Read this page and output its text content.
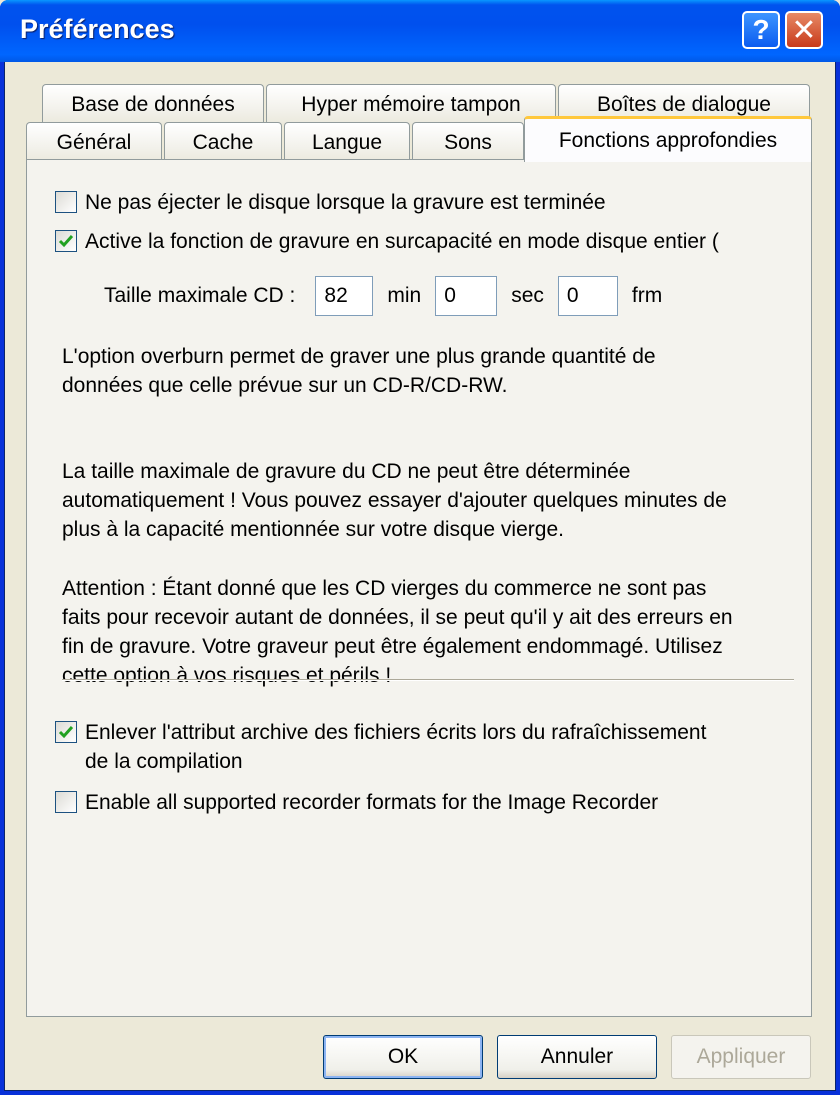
Préférences	? ✕
Base de données	Hyper mémoire tampon	Boîtes de dialogue
Général	Cache	Langue	Sons	Fonctions approfondies
Ne pas éjecter le disque lorsque la gravure est terminée
Active la fonction de gravure en surcapacité en mode disque entier (
Taille maximale CD :
82	min
0	sec
0	frm
L'option overburn permet de graver une plus grande quantité de
données que celle prévue sur un CD-R/CD-RW.
La taille maximale de gravure du CD ne peut être déterminée
automatiquement ! Vous pouvez essayer d'ajouter quelques minutes de
plus à la capacité mentionnée sur votre disque vierge.
Attention : Étant donné que les CD vierges du commerce ne sont pas
faits pour recevoir autant de données, il se peut qu'il y ait des erreurs en
fin de gravure. Votre graveur peut être également endommagé. Utilisez
cette option à vos risques et périls !

Enlever l'attribut archive des fichiers écrits lors du rafraîchissement
de la compilation
Enable all supported recorder formats for the Image Recorder
OK	Annuler	Appliquer
